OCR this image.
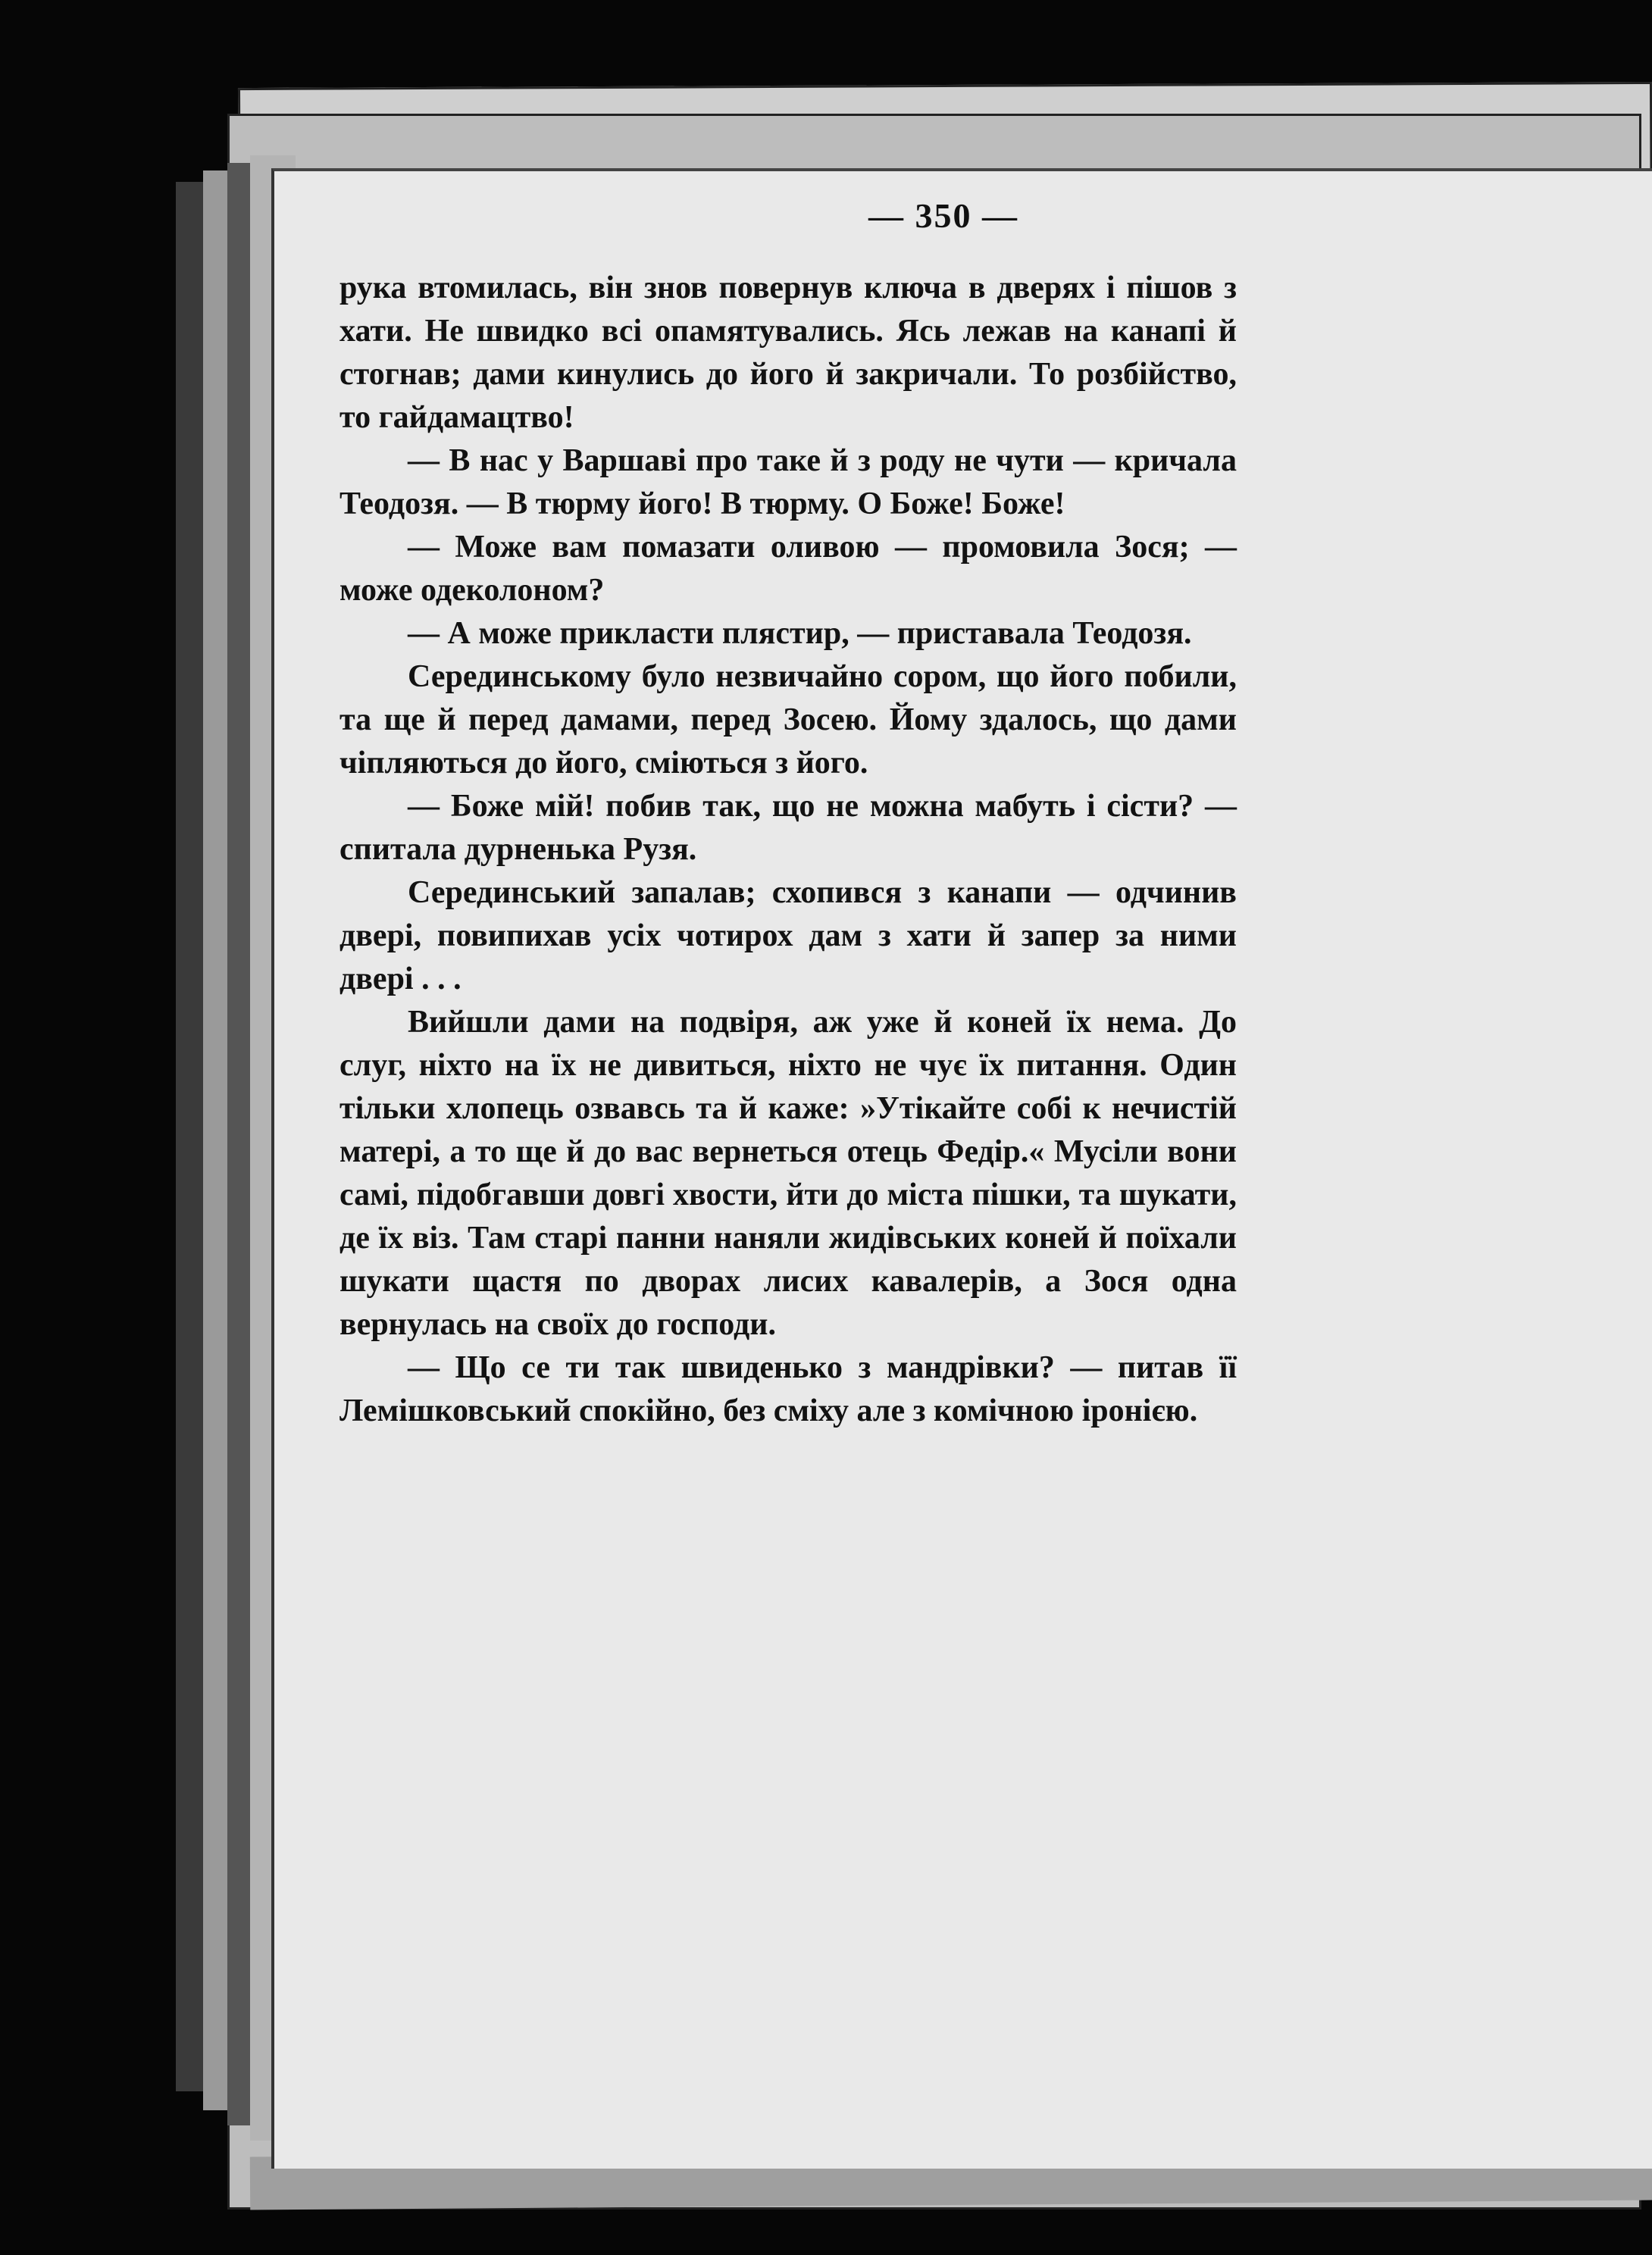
— 350 —

рука втомилась, він знов повернув ключа в дверях і пішов з хати. Не швидко всі опамятувались. Ясь лежав на канапі й стогнав; дами кинулись до його й закричали. То розбійство, то гайдамацтво!

— В нас у Варшаві про таке й з роду не чути — кричала Теодозя. — В тюрму його! В тюрму. О Боже! Боже!

— Може вам помазати оливою — промовила Зося; — може одеколоном?

— А може прикласти плястир, — приставала Теодозя.

Серединському було незвичайно сором, що його побили, та ще й перед дамами, перед Зосею. Йому здалось, що дами чіпляються до його, сміються з його.

— Боже мій! побив так, що не можна мабуть і сісти? — спитала дурненька Рузя.

Серединський запалав; схопився з канапи — одчинив двері, повипихав усіх чотирох дам з хати й запер за ними двері . . .

Вийшли дами на подвіря, аж уже й коней їх нема. До слуг, ніхто на їх не дивиться, ніхто не чує їх питання. Один тільки хлопець озвавсь та й каже: »Утікайте собі к нечистій матері, а то ще й до вас вернеться отець Федір.« Мусіли вони самі, підобгавши довгі хвости, йти до міста пішки, та шукати, де їх віз. Там старі панни наняли жидівських коней й поїхали шукати щастя по дворах лисих кавалерів, а Зося одна вернулась на своїх до господи.

— Що се ти так швиденько з мандрівки? — питав її Лемішковський спокійно, без сміху але з комічною іронією.
